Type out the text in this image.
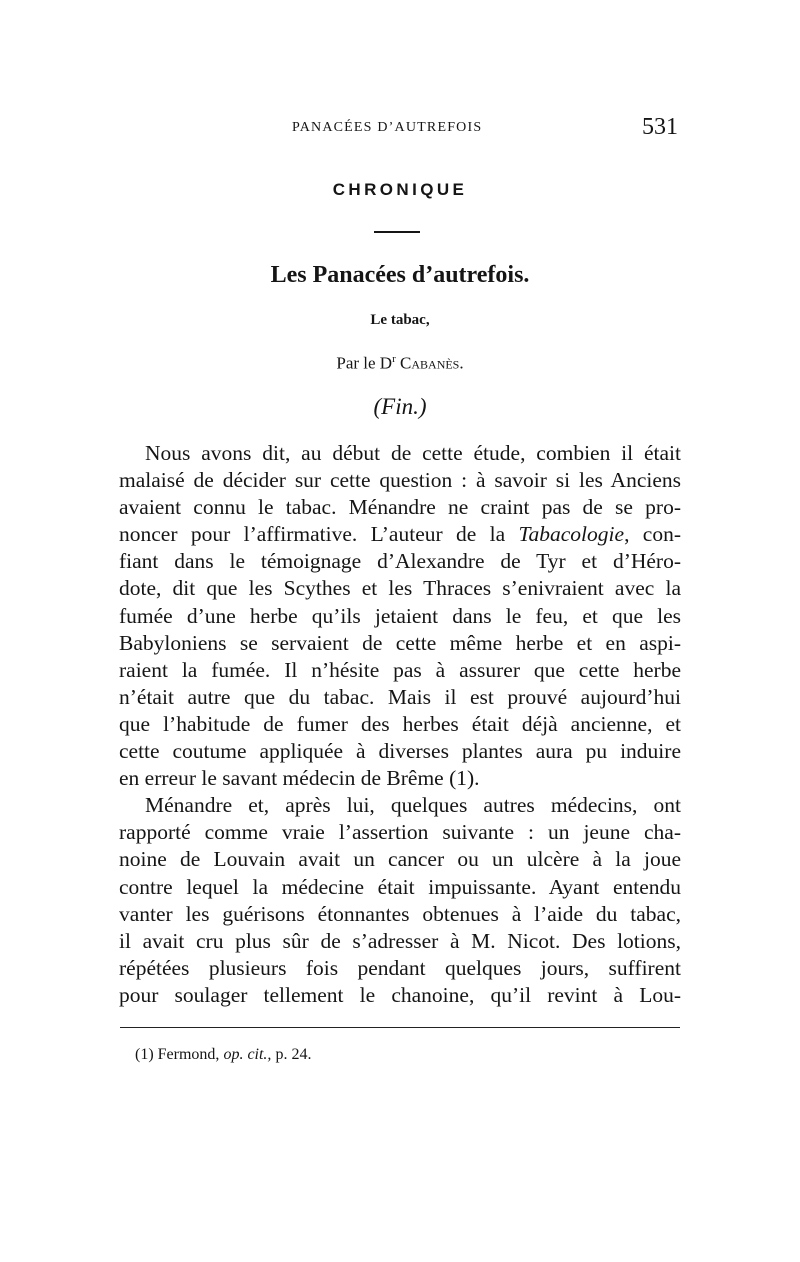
PANACÉES D’AUTREFOIS	531
CHRONIQUE
Les Panacées d’autrefois.
Le tabac,
Par le $D^r$ Cabanès.
(Fin.)
Nous avons dit, au début de cette étude, combien il était
malaisé de décider sur cette question : à savoir si les Anciens
avaient connu le tabac. Ménandre ne craint pas de se pro-
noncer pour l’affirmative. L’auteur de la Tabacologie, con-
fiant dans le témoignage d’Alexandre de Tyr et d’Héro-
dote, dit que les Scythes et les Thraces s’enivraient avec la
fumée d’une herbe qu’ils jetaient dans le feu, et que les
Babyloniens se servaient de cette même herbe et en aspi-
raient la fumée. Il n’hésite pas à assurer que cette herbe
n’était autre que du tabac. Mais il est prouvé aujourd’hui
que l’habitude de fumer des herbes était déjà ancienne, et
cette coutume appliquée à diverses plantes aura pu induire
en erreur le savant médecin de Brême (1).
Ménandre et, après lui, quelques autres médecins, ont
rapporté comme vraie l’assertion suivante : un jeune cha-
noine de Louvain avait un cancer ou un ulcère à la joue
contre lequel la médecine était impuissante. Ayant entendu
vanter les guérisons étonnantes obtenues à l’aide du tabac,
il avait cru plus sûr de s’adresser à M. Nicot. Des lotions,
répétées plusieurs fois pendant quelques jours, suffirent
pour soulager tellement le chanoine, qu’il revint à Lou-
(1) Fermond, op. cit., p. 24.
